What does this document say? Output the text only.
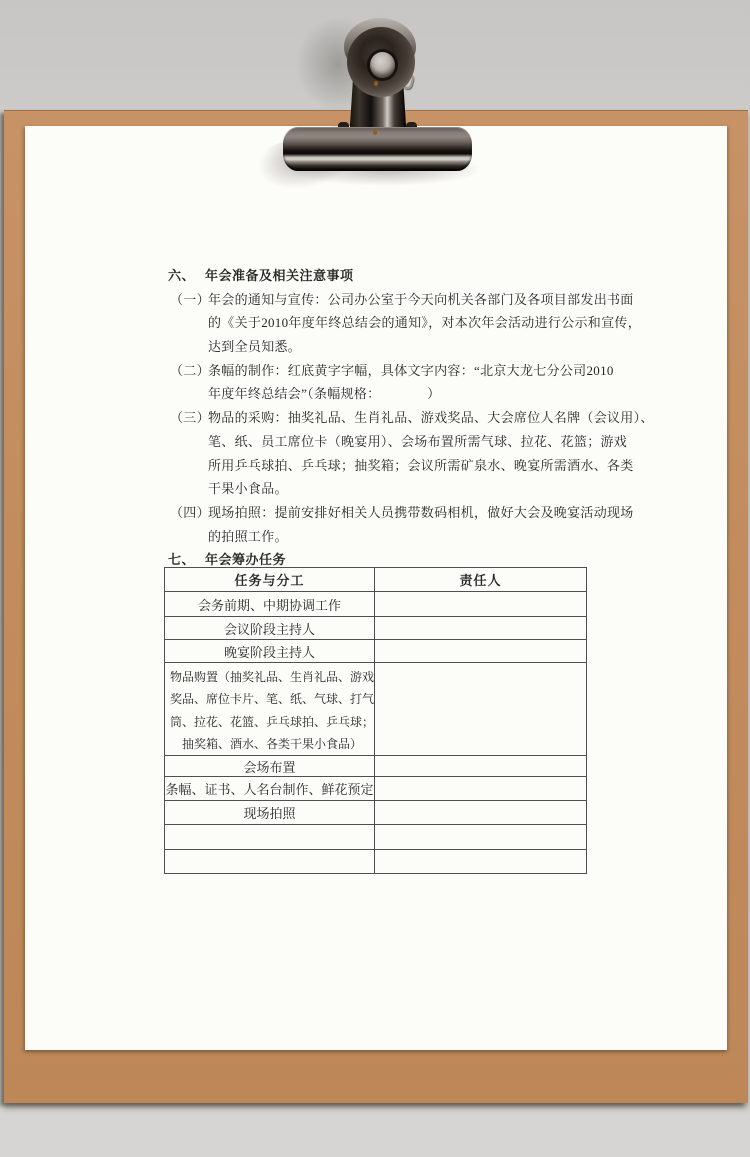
六、 年会准备及相关注意事项
（一）
年会的通知与宣传：公司办公室于今天向机关各部门及各项目部发出书面
的《关于2010年度年终总结会的通知》，对本次年会活动进行公示和宣传，
达到全员知悉。
（二）
条幅的制作：红底黄字字幅，具体文字内容：“北京大龙七分公司2010
年度年终总结会”（条幅规格：　　　　）
（三）
物品的采购：抽奖礼品、生肖礼品、游戏奖品、大会席位人名牌（会议用）、
笔、纸、员工席位卡（晚宴用）、会场布置所需气球、拉花、花篮；游戏
所用乒乓球拍、乒乓球；抽奖箱；会议所需矿泉水、晚宴所需酒水、各类
干果小食品。
（四）
现场拍照：提前安排好相关人员携带数码相机，做好大会及晚宴活动现场
的拍照工作。
七、 年会筹办任务
任务与分工	责任人
会务前期、中期协调工作
会议阶段主持人
晚宴阶段主持人
物品购置（抽奖礼品、生肖礼品、游戏
奖品、席位卡片、笔、纸、气球、打气
筒、拉花、花篮、乒乓球拍、乒乓球；
　抽奖箱、酒水、各类干果小食品）
会场布置
条幅、证书、人名台制作、鲜花预定
现场拍照
